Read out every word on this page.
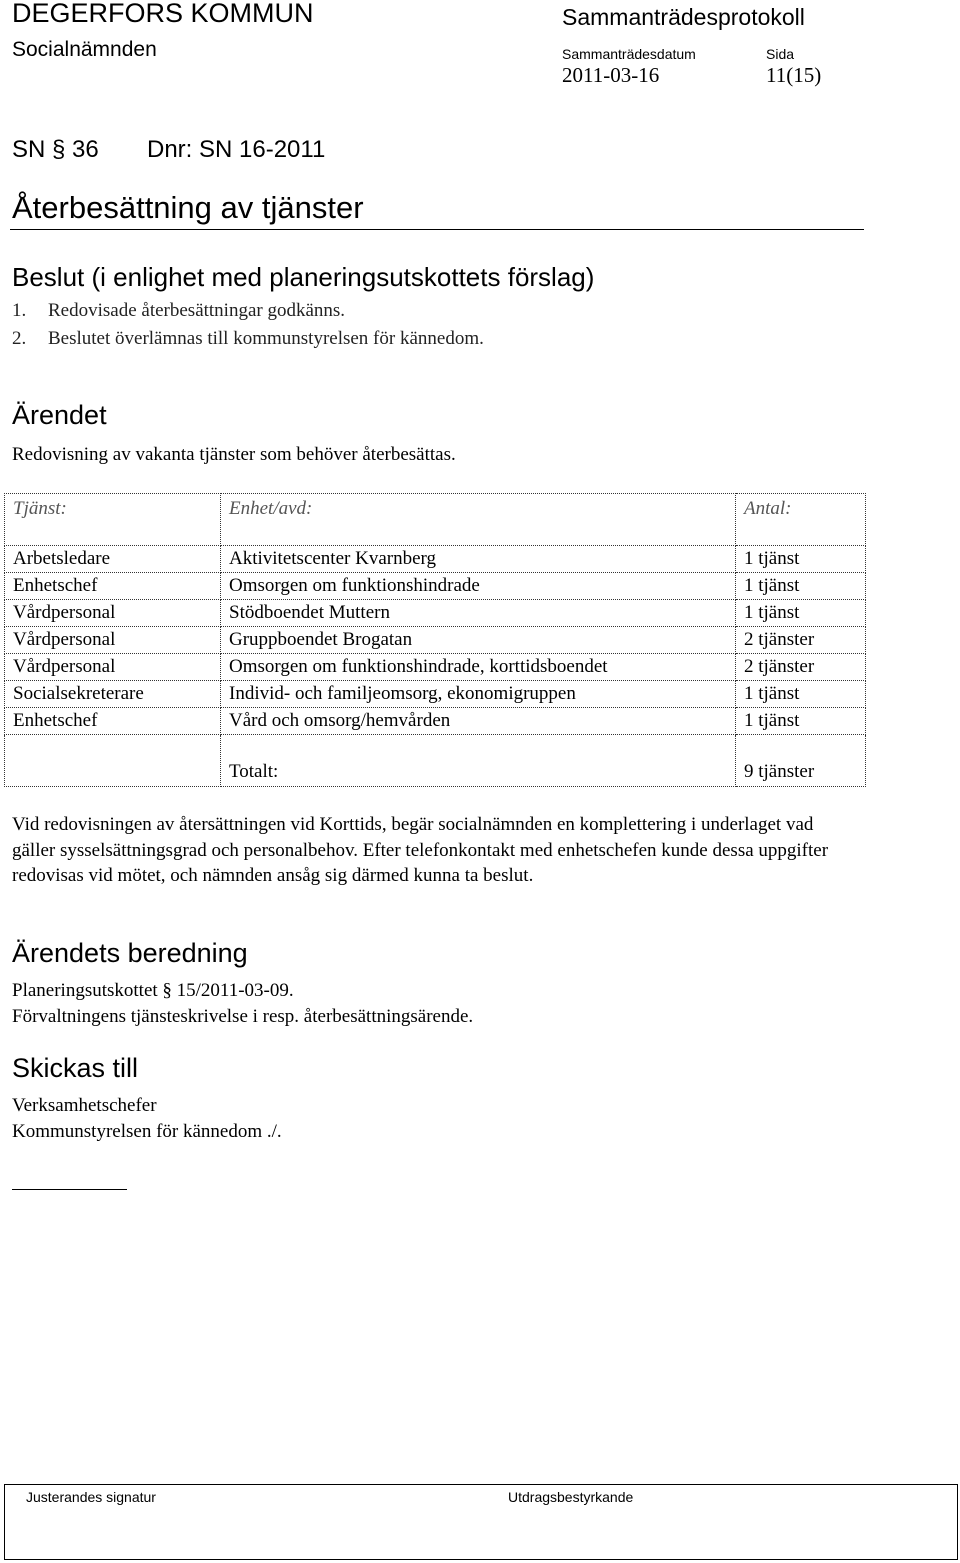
DEGERFORS KOMMUN
Socialnämnden
Sammanträdesprotokoll
Sammanträdesdatum	Sida
2011-03-16	11(15)
SN § 36 Dnr: SN 16-2011
Återbesättning av tjänster
Beslut (i enlighet med planeringsutskottets förslag)
1. Redovisade återbesättningar godkänns.
2. Beslutet överlämnas till kommunstyrelsen för kännedom.
Ärendet
Redovisning av vakanta tjänster som behöver återbesättas.
Tjänst:	Enhet/avd:	Antal:
Arbetsledare	Aktivitetscenter Kvarnberg	1 tjänst
Enhetschef	Omsorgen om funktionshindrade	1 tjänst
Vårdpersonal	Stödboendet Muttern	1 tjänst
Vårdpersonal	Gruppboendet Brogatan	2 tjänster
Vårdpersonal	Omsorgen om funktionshindrade, korttidsboendet	2 tjänster
Socialsekreterare	Individ- och familjeomsorg, ekonomigruppen	1 tjänst
Enhetschef	Vård och omsorg/hemvården	1 tjänst
	Totalt:	9 tjänster
Vid redovisningen av återsättningen vid Korttids, begär socialnämnden en komplettering i underlaget vad gäller sysselsättningsgrad och personalbehov. Efter telefonkontakt med enhetschefen kunde dessa uppgifter redovisas vid mötet, och nämnden ansåg sig därmed kunna ta beslut.
Ärendets beredning
Planeringsutskottet § 15/2011-03-09.
Förvaltningens tjänsteskrivelse i resp. återbesättningsärende.
Skickas till
Verksamhetschefer
Kommunstyrelsen för kännedom ./.
Justerandes signatur	Utdragsbestyrkande
